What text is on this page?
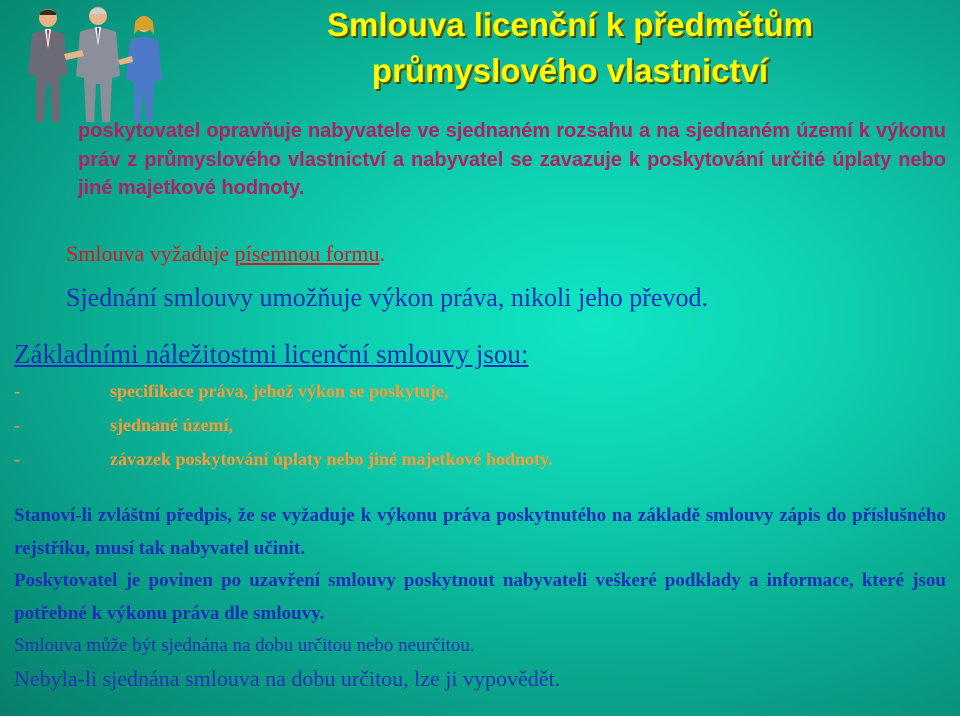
Smlouva licenční k předmětům
průmyslového vlastnictví
poskytovatel opravňuje nabyvatele ve sjednaném rozsahu a na sjednaném území k výkonu práv z průmyslového vlastnictví a nabyvatel se zavazuje k poskytování určité úplaty nebo jiné majetkové hodnoty.
Smlouva vyžaduje písemnou formu.
Sjednání smlouvy umožňuje výkon práva, nikoli jeho převod.
Základními náležitostmi licenční smlouvy jsou:
-	specifikace práva, jehož výkon se poskytuje,
-	sjednané území,
-	závazek poskytování úplaty nebo jiné majetkové hodnoty.
Stanoví-li zvláštní předpis, že se vyžaduje k výkonu práva poskytnutého na základě smlouvy zápis do příslušného rejstříku, musí tak nabyvatel učinit.
Poskytovatel je povinen po uzavření smlouvy poskytnout nabyvateli veškeré podklady a informace, které jsou potřebné k výkonu práva dle smlouvy.
Smlouva může být sjednána na dobu určitou nebo neurčitou.
Nebyla-li sjednána smlouva na dobu určitou, lze ji vypovědět.
